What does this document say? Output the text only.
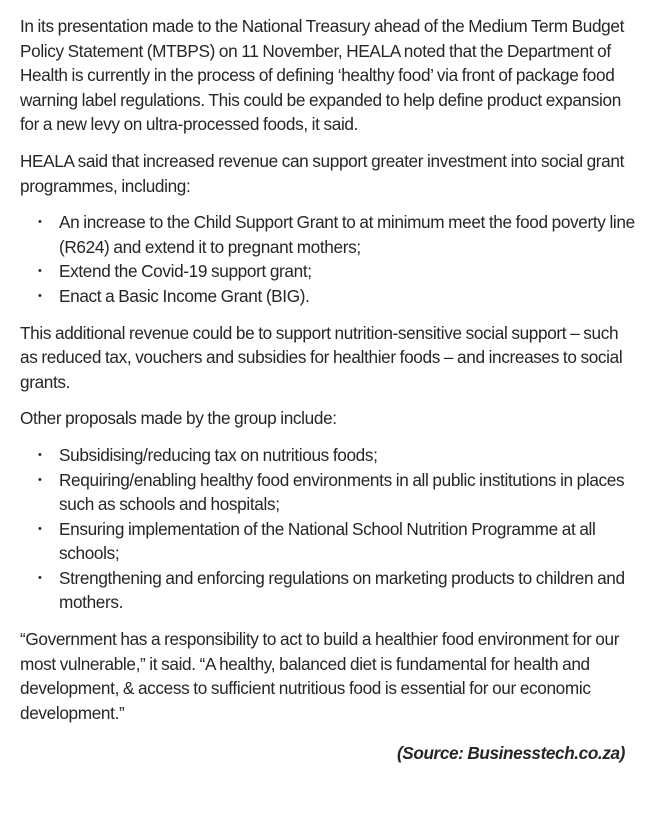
In its presentation made to the National Treasury ahead of the Medium Term Budget Policy Statement (MTBPS) on 11 November, HEALA noted that the Department of Health is currently in the process of defining ‘healthy food’ via front of package food warning label regulations. This could be expanded to help define product expansion for a new levy on ultra-processed foods, it said.

HEALA said that increased revenue can support greater investment into social grant programmes, including:

• An increase to the Child Support Grant to at minimum meet the food poverty line (R624) and extend it to pregnant mothers;
• Extend the Covid-19 support grant;
• Enact a Basic Income Grant (BIG).

This additional revenue could be to support nutrition-sensitive social support – such as reduced tax, vouchers and subsidies for healthier foods – and increases to social grants.

Other proposals made by the group include:

• Subsidising/reducing tax on nutritious foods;
• Requiring/enabling healthy food environments in all public institutions in places such as schools and hospitals;
• Ensuring implementation of the National School Nutrition Programme at all schools;
• Strengthening and enforcing regulations on marketing products to children and mothers.

“Government has a responsibility to act to build a healthier food environment for our most vulnerable,” it said. “A healthy, balanced diet is fundamental for health and development, & access to sufficient nutritious food is essential for our economic development.”

(Source: Businesstech.co.za)
